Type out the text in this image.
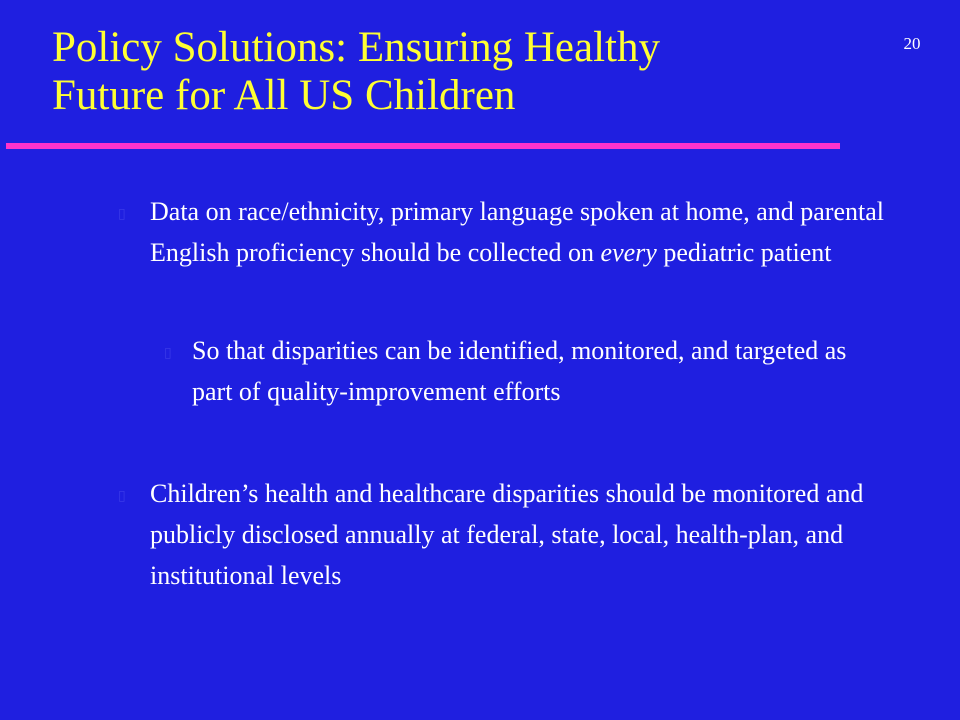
20
Policy Solutions: Ensuring Healthy
Future for All US Children
▯ Data on race/ethnicity, primary language spoken at home, and parental English proficiency should be collected on every pediatric patient
▯ So that disparities can be identified, monitored, and targeted as part of quality-improvement efforts
▯ Children’s health and healthcare disparities should be monitored and publicly disclosed annually at federal, state, local, health-plan, and institutional levels
